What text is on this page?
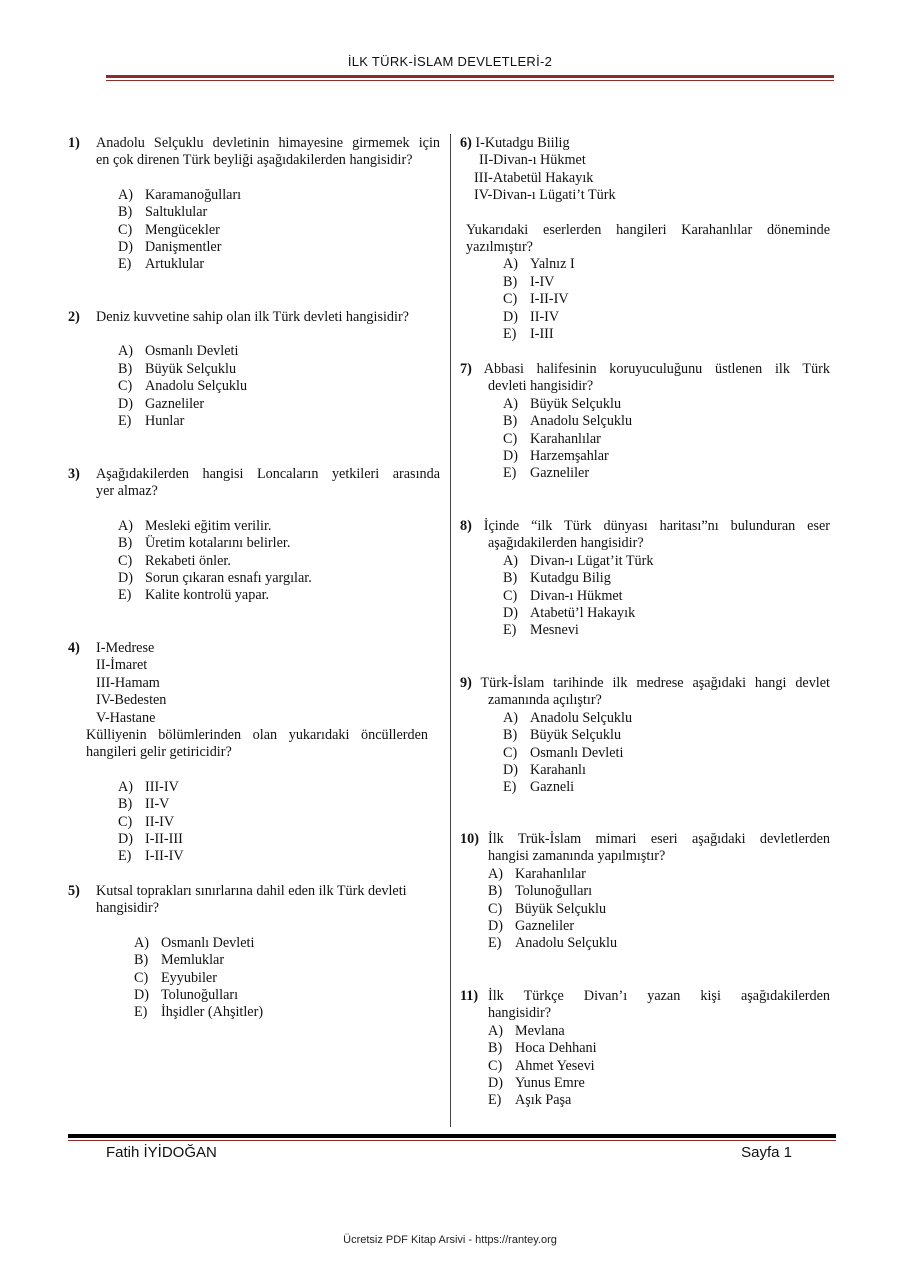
İLK TÜRK-İSLAM DEVLETLERİ-2
1)	Anadolu Selçuklu devletinin himayesine girmemek için
en çok direnen Türk beyliği aşağıdakilerden hangisidir?
A) Karamanoğulları
B) Saltuklular
C) Mengücekler
D) Danişmentler
E) Artuklular
2)	Deniz kuvvetine sahip olan ilk Türk devleti hangisidir?
A) Osmanlı Devleti
B) Büyük Selçuklu
C) Anadolu Selçuklu
D) Gazneliler
E) Hunlar
3)	Aşağıdakilerden hangisi Loncaların yetkileri arasında
yer almaz?
A) Mesleki eğitim verilir.
B) Üretim kotalarını belirler.
C) Rekabeti önler.
D) Sorun çıkaran esnafı yargılar.
E) Kalite kontrolü yapar.
4)	I-Medrese
II-İmaret
III-Hamam
IV-Bedesten
V-Hastane
Külliyenin bölümlerinden olan yukarıdaki öncüllerden
hangileri gelir getiricidir?
A) III-IV
B) II-V
C) II-IV
D) I-II-III
E) I-II-IV
5)	Kutsal toprakları sınırlarına dahil eden ilk Türk devleti
hangisidir?
A) Osmanlı Devleti
B) Memluklar
C) Eyyubiler
D) Tolunoğulları
E) İhşidler (Ahşitler)
6) I-Kutadgu Biilig
II-Divan-ı Hükmet
III-Atabetül Hakayık
IV-Divan-ı Lügati’t Türk
Yukarıdaki eserlerden hangileri Karahanlılar döneminde
yazılmıştır?
A) Yalnız I
B) I-IV
C) I-II-IV
D) II-IV
E) I-III
7) Abbasi halifesinin koruyuculuğunu üstlenen ilk Türk
devleti hangisidir?
A) Büyük Selçuklu
B) Anadolu Selçuklu
C) Karahanlılar
D) Harzemşahlar
E) Gazneliler
8) İçinde “ilk Türk dünyası haritası”nı bulunduran eser
aşağıdakilerden hangisidir?
A) Divan-ı Lügat’it Türk
B) Kutadgu Bilig
C) Divan-ı Hükmet
D) Atabetü’l Hakayık
E) Mesnevi
9) Türk-İslam tarihinde ilk medrese aşağıdaki hangi devlet
zamanında açılıştır?
A) Anadolu Selçuklu
B) Büyük Selçuklu
C) Osmanlı Devleti
D) Karahanlı
E) Gazneli
10) İlk Trük-İslam mimari eseri aşağıdaki devletlerden
hangisi zamanında yapılmıştır?
A) Karahanlılar
B) Tolunoğulları
C) Büyük Selçuklu
D) Gazneliler
E) Anadolu Selçuklu
11) İlk Türkçe Divan’ı yazan kişi aşağıdakilerden
hangisidir?
A) Mevlana
B) Hoca Dehhani
C) Ahmet Yesevi
D) Yunus Emre
E) Aşık Paşa
Fatih İYİDOĞAN	Sayfa 1
Ücretsiz PDF Kitap Arsivi - https://rantey.org
